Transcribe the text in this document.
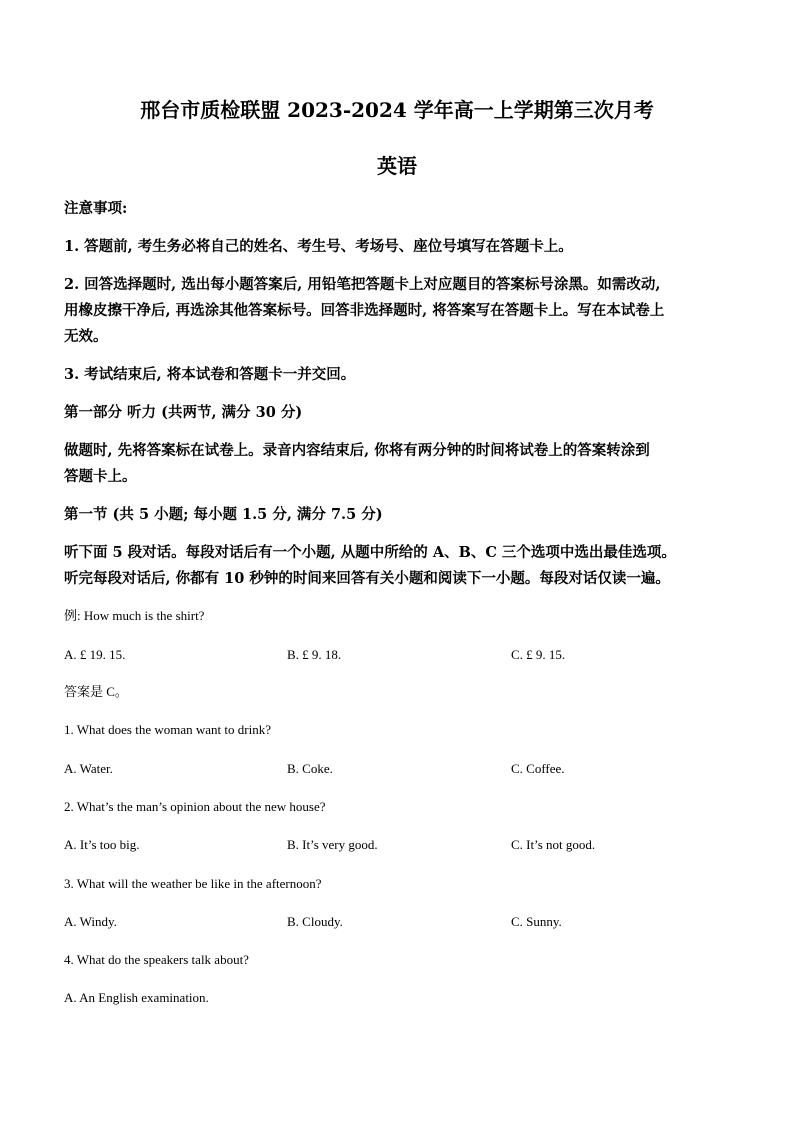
邢台市质检联盟 2023-2024 学年高一上学期第三次月考
英语
注意事项:
1. 答题前, 考生务必将自己的姓名、考生号、考场号、座位号填写在答题卡上。
2. 回答选择题时, 选出每小题答案后, 用铅笔把答题卡上对应题目的答案标号涂黑。如需改动,
用橡皮擦干净后, 再选涂其他答案标号。回答非选择题时, 将答案写在答题卡上。写在本试卷上
无效。
3. 考试结束后, 将本试卷和答题卡一并交回。
第一部分 听力 (共两节, 满分 30 分)
做题时, 先将答案标在试卷上。录音内容结束后, 你将有两分钟的时间将试卷上的答案转涂到
答题卡上。
第一节 (共 5 小题; 每小题 1.5 分, 满分 7.5 分)
听下面 5 段对话。每段对话后有一个小题, 从题中所给的 A、B、C 三个选项中选出最佳选项。
听完每段对话后, 你都有 10 秒钟的时间来回答有关小题和阅读下一小题。每段对话仅读一遍。
例: How much is the shirt?
A. £ 19. 15.	B. £ 9. 18.	C. £ 9. 15.
答案是 C。
1. What does the woman want to drink?
A. Water.	B. Coke.	C. Coffee.
2. What’s the man’s opinion about the new house?
A. It’s too big.	B. It’s very good.	C. It’s not good.
3. What will the weather be like in the afternoon?
A. Windy.	B. Cloudy.	C. Sunny.
4. What do the speakers talk about?
A. An English examination.
